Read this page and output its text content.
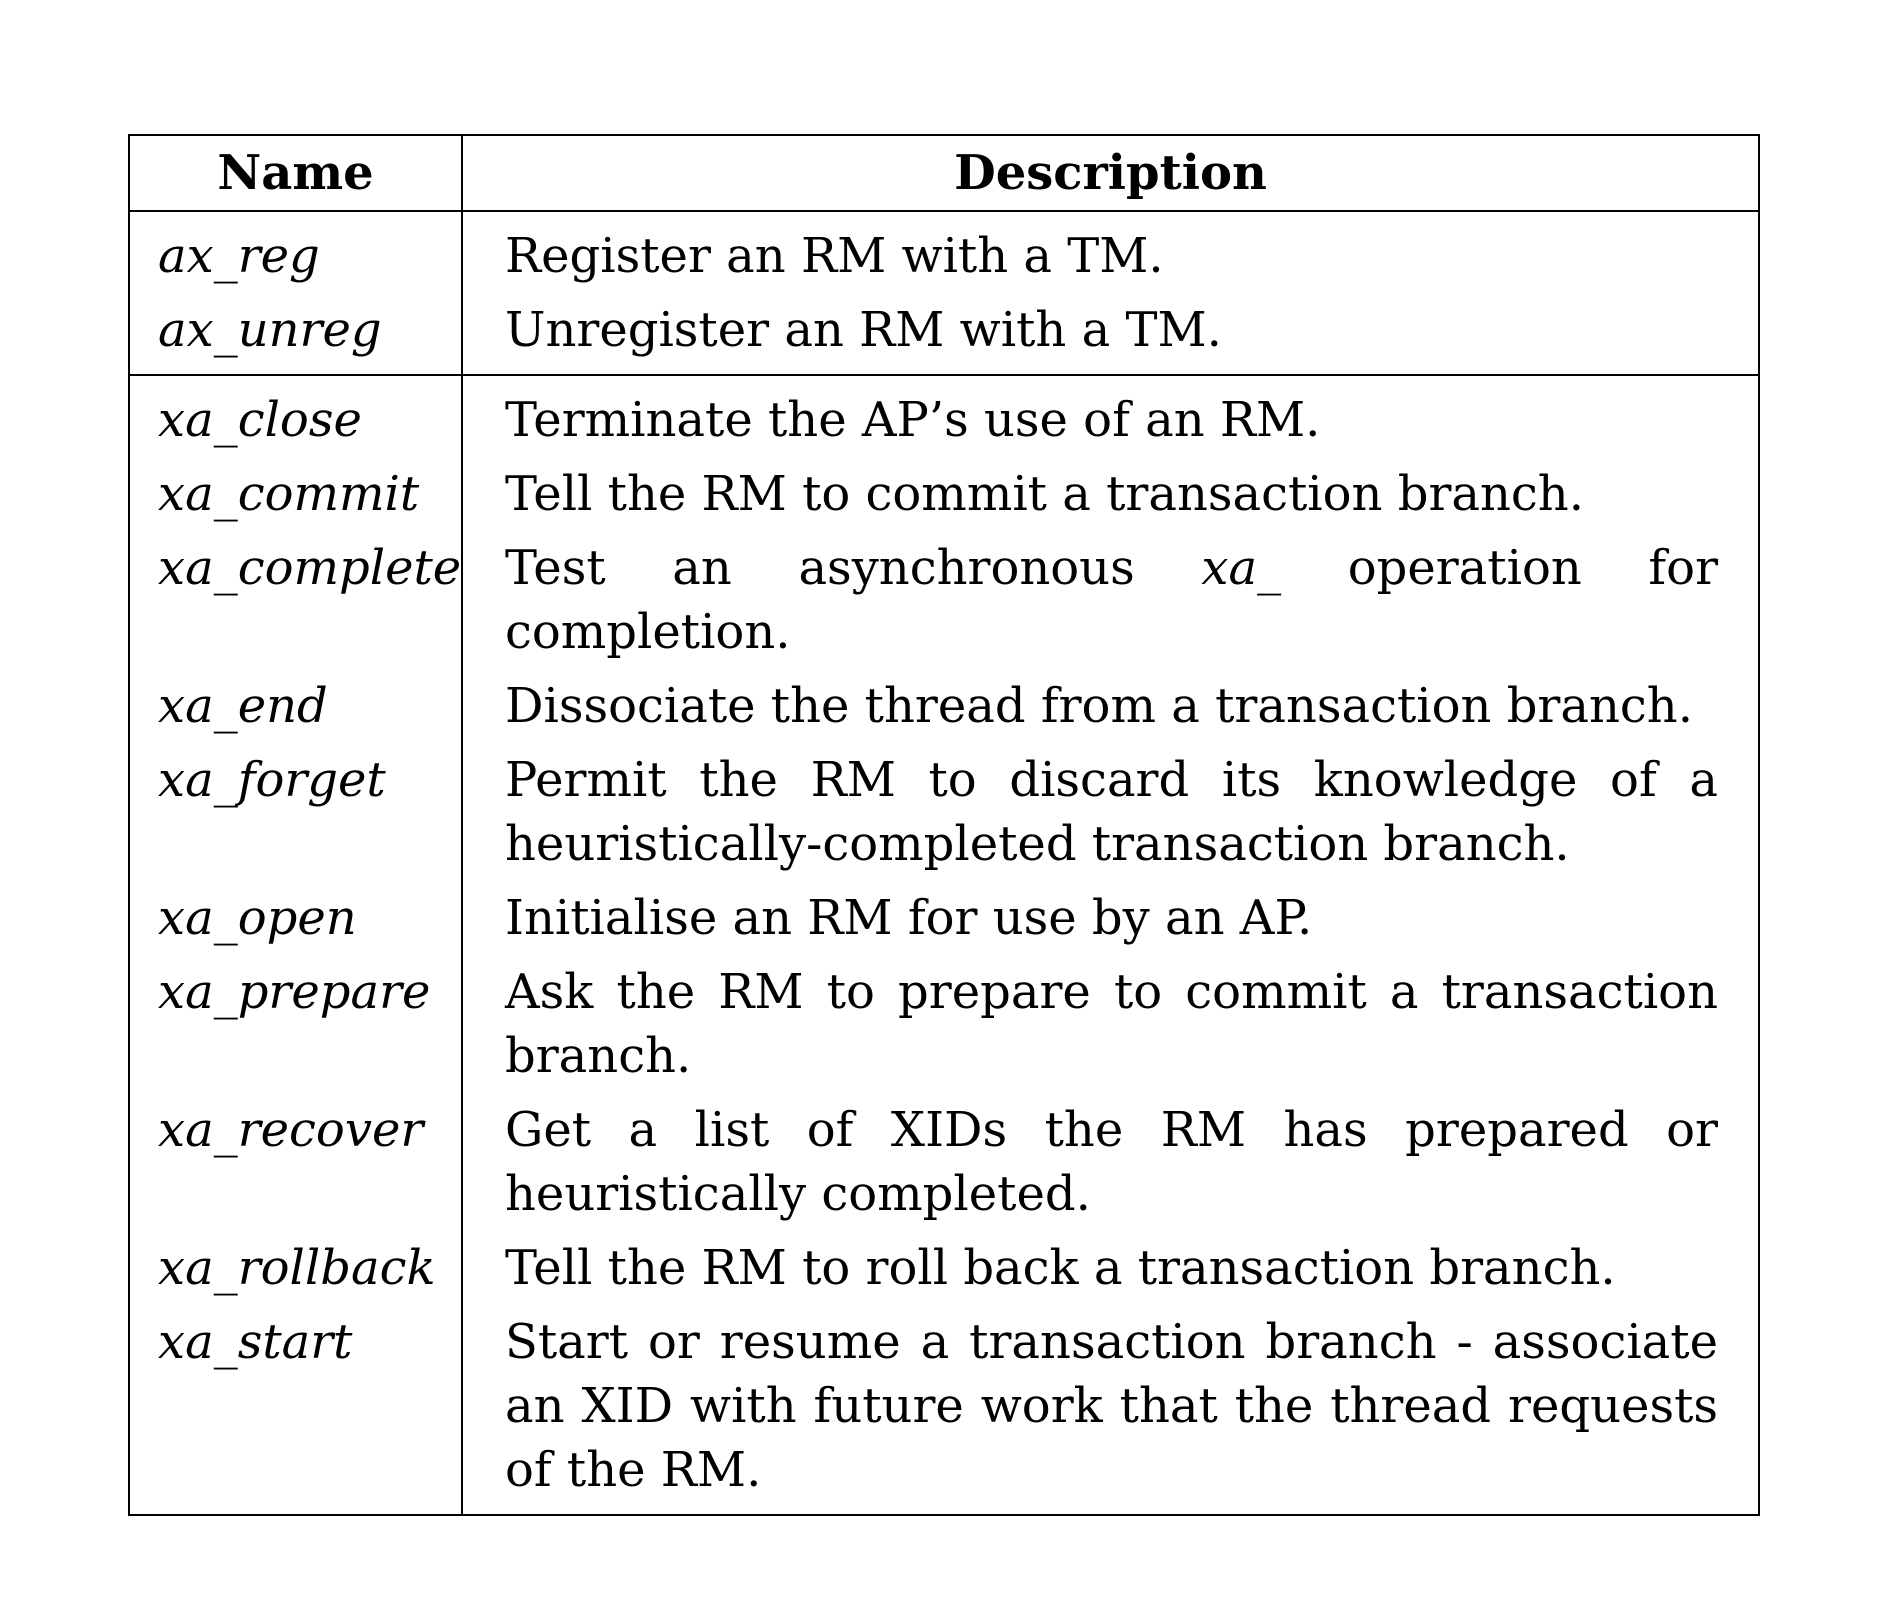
Name	Description
ax_reg	Register an RM with a TM.
ax_unreg	Unregister an RM with a TM.
xa_close	Terminate the AP’s use of an RM.
xa_commit	Tell the RM to commit a transaction branch.
xa_complete	Test an asynchronous xa_ operation for completion.
xa_end	Dissociate the thread from a transaction branch.
xa_forget	Permit the RM to discard its knowledge of a heuristically-completed transaction branch.
xa_open	Initialise an RM for use by an AP.
xa_prepare	Ask the RM to prepare to commit a transaction branch.
xa_recover	Get a list of XIDs the RM has prepared or heuristically completed.
xa_rollback	Tell the RM to roll back a transaction branch.
xa_start	Start or resume a transaction branch - associate an XID with future work that the thread requests of the RM.
